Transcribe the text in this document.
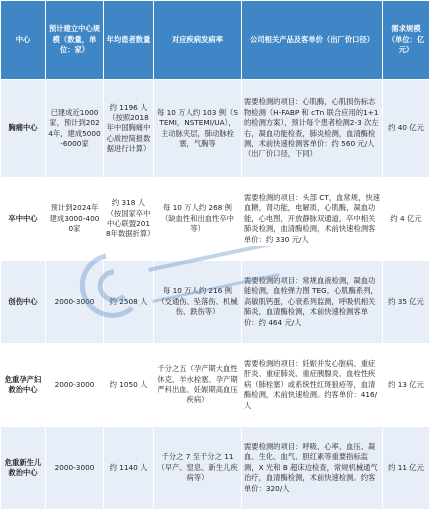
中心	预计建立中心规模（数量，单位：家）	年均患者数量	对应疾病发病率	公司相关产品及客单价（出厂价口径）	需求规模（单位：亿元）
胸痛中心	已建成近1000家，预计到2024年，建成5000-6000家	约 1196 人（按照2018年中国胸痛中心质控简报数据进行计算）	每 10 万人约 103 例（STEMI，NSTEMI/UA），主动脉夹层，肺动脉栓塞，气胸等	需要检测的项目：心肌酶，心肌损伤标志物检测（H-FABP 和 cTn 联合应用的1+1 的检测方案），预计每个患者检测2-3 次左右，凝血功能检查，肺炎检测，血清酶检测，术前快速检测客单价：约 560 元/人（出厂价口径，下同）	约 40 亿元
卒中中心	预计到2024年建成3000-4000家	约 318 人（按国家卒中中心联盟2018年数据折算）	每 10 万人约 268 例（缺血性和出血性卒中等）	需要检测的项目：头部 CT，血常规，快速血糖，肾功能，电解质，心肌酶，凝血功能，心电图，开放静脉双通道，卒中相关肺炎检测，血清酶检测，术前快速检测客单价：约 330 元/人	约 4 亿元
创伤中心	2000-3000	约 2508 人	每 10 万人约 216 例（交通伤、坠落伤、机械伤、跌伤等）	需要检测的项目：常规血液检测，凝血功能检测，血栓弹力图 TEG，心肌酶系列，高敏肌钙蛋，心衰系列监测，呼吸机相关肺炎，血清酶检测，术前快速检测客单价：约 464 元/人	约 35 亿元
危重孕产妇救治中心	2000-3000	约 1050 人	千分之五（孕产期大血性休克、羊水栓塞、孕产期严科出血、妊娠期高血压疾病）	需要检测的项目：妊娠并发心脏病、重症肝炎、重症肺炎、重症胰腺炎、血栓性疾病（肺栓塞）或系统性红斑狼疮等，血清酶检测，术前快速检测。约客单价：416/人	约 13 亿元
危重新生儿救治中心	2000-3000	约 1140 人	千分之 7 至千分之 11（早产、窒息、新生儿疾病等）	需要检测的项目：呼吸、心率、血压、凝血、生化、血气、胆红素等重要指标监测，X 光和 B 超床边检查，常规机械通气治疗，血清酶检测，术前快速检测。约客单价：320/人	约 11 亿元
